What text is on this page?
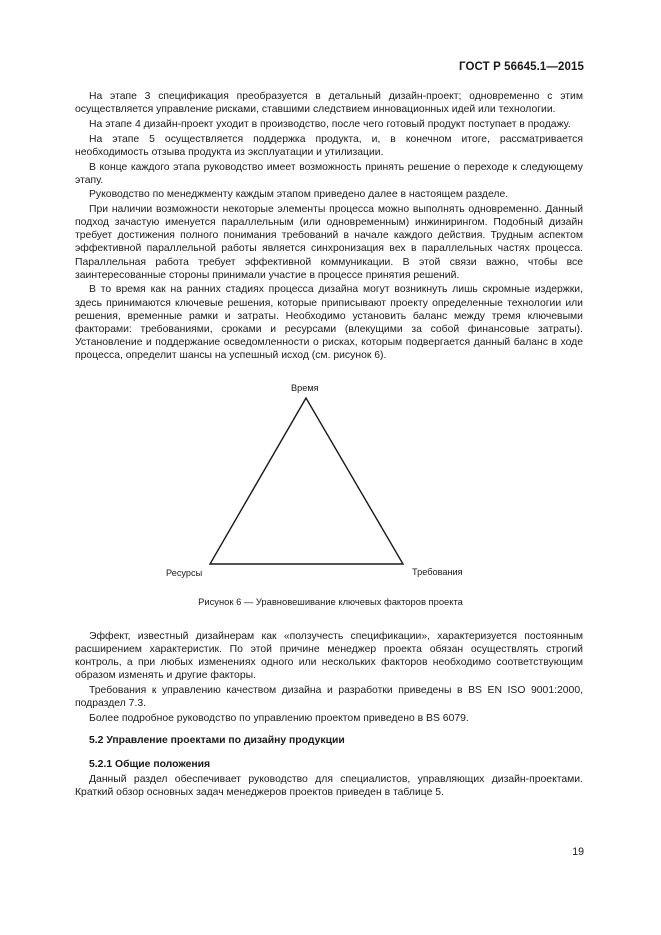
ГОСТ Р 56645.1—2015

На этапе 3 спецификация преобразуется в детальный дизайн-проект; одновременно с этим осуществляется управление рисками, ставшими следствием инновационных идей или технологии.

На этапе 4 дизайн-проект уходит в производство, после чего готовый продукт поступает в продажу.

На этапе 5 осуществляется поддержка продукта, и, в конечном итоге, рассматривается необходимость отзыва продукта из эксплуатации и утилизации.

В конце каждого этапа руководство имеет возможность принять решение о переходе к следующему этапу.

Руководство по менеджменту каждым этапом приведено далее в настоящем разделе.

При наличии возможности некоторые элементы процесса можно выполнять одновременно. Данный подход зачастую именуется параллельным (или одновременным) инжинирингом. Подобный дизайн требует достижения полного понимания требований в начале каждого действия. Трудным аспектом эффективной параллельной работы является синхронизация вех в параллельных частях процесса. Параллельная работа требует эффективной коммуникации. В этой связи важно, чтобы все заинтересованные стороны принимали участие в процессе принятия решений.

В то время как на ранних стадиях процесса дизайна могут возникнуть лишь скромные издержки, здесь принимаются ключевые решения, которые приписывают проекту определенные технологии или решения, временные рамки и затраты. Необходимо установить баланс между тремя ключевыми факторами: требованиями, сроками и ресурсами (влекущими за собой финансовые затраты). Установление и поддержание осведомленности о рисках, которым подвергается данный баланс в ходе процесса, определит шансы на успешный исход (см. рисунок 6).

Время
Ресурсы	Требования
Рисунок 6 — Уравновешивание ключевых факторов проекта

Эффект, известный дизайнерам как «ползучесть спецификации», характеризуется постоянным расширением характеристик. По этой причине менеджер проекта обязан осуществлять строгий контроль, а при любых изменениях одного или нескольких факторов необходимо соответствующим образом изменять и другие факторы.

Требования к управлению качеством дизайна и разработки приведены в BS EN ISO 9001:2000, подраздел 7.3.

Более подробное руководство по управлению проектом приведено в BS 6079.

5.2 Управление проектами по дизайну продукции
5.2.1 Общие положения

Данный раздел обеспечивает руководство для специалистов, управляющих дизайн-проектами. Краткий обзор основных задач менеджеров проектов приведен в таблице 5.

19
